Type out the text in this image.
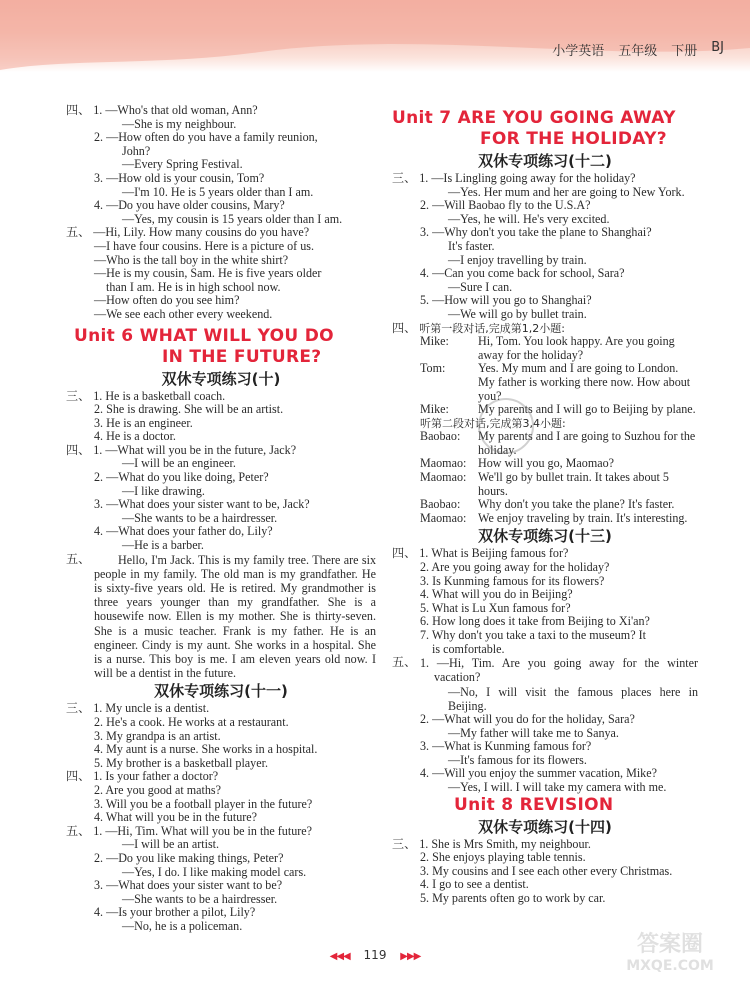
小学英语 五年级 下册 BJ
四、 1. —Who's that old woman, Ann?
—She is my neighbour.
2. —How often do you have a family reunion,
John?
—Every Spring Festival.
3. —How old is your cousin, Tom?
—I'm 10. He is 5 years older than I am.
4. —Do you have older cousins, Mary?
—Yes, my cousin is 15 years older than I am.
五、 —Hi, Lily. How many cousins do you have?
—I have four cousins. Here is a picture of us.
—Who is the tall boy in the white shirt?
—He is my cousin, Sam. He is five years older
than I am. He is in high school now.
—How often do you see him?
—We see each other every weekend.
Unit 6 WHAT WILL YOU DO
IN THE FUTURE?
双休专项练习(十)
三、 1. He is a basketball coach.
2. She is drawing. She will be an artist.
3. He is an engineer.
4. He is a doctor.
四、 1. —What will you be in the future, Jack?
—I will be an engineer.
2. —What do you like doing, Peter?
—I like drawing.
3. —What does your sister want to be, Jack?
—She wants to be a hairdresser.
4. —What does your father do, Lily?
—He is a barber.
五、	Hello, I'm Jack. This is my family tree. There are six people in my family. The old man is my grandfather. He is sixty-five years old. He is retired. My grandmother is three years younger than my grandfather. She is a housewife now. Ellen is my mother. She is thirty-seven. She is a music teacher. Frank is my father. He is an engineer. Cindy is my aunt. She works in a hospital. She is a nurse. This boy is me. I am eleven years old now. I will be a dentist in the future.
双休专项练习(十一)
三、 1. My uncle is a dentist.
2. He's a cook. He works at a restaurant.
3. My grandpa is an artist.
4. My aunt is a nurse. She works in a hospital.
5. My brother is a basketball player.
四、 1. Is your father a doctor?
2. Are you good at maths?
3. Will you be a football player in the future?
4. What will you be in the future?
五、 1. —Hi, Tim. What will you be in the future?
—I will be an artist.
2. —Do you like making things, Peter?
—Yes, I do. I like making model cars.
3. —What does your sister want to be?
—She wants to be a hairdresser.
4. —Is your brother a pilot, Lily?
—No, he is a policeman.
Unit 7 ARE YOU GOING AWAY
FOR THE HOLIDAY?
双休专项练习(十二)
三、 1. —Is Lingling going away for the holiday?
—Yes. Her mum and her are going to New York.
2. —Will Baobao fly to the U.S.A?
—Yes, he will. He's very excited.
3. —Why don't you take the plane to Shanghai?
It's faster.
—I enjoy travelling by train.
4. —Can you come back for school, Sara?
—Sure I can.
5. —How will you go to Shanghai?
—We will go by bullet train.
四、 听第一段对话,完成第1,2小题:
Mike:	Hi, Tom. You look happy. Are you going away for the holiday?
Tom:	Yes. My mum and I are going to London. My father is working there now. How about you?
Mike:	My parents and I will go to Beijing by plane.
听第二段对话,完成第3,4小题:
Baobao:	My parents and I are going to Suzhou for the holiday.
Maomao: How will you go, Maomao?
Maomao: We'll go by bullet train. It takes about 5 hours.
Baobao:	Why don't you take the plane? It's faster.
Maomao: We enjoy traveling by train. It's interesting.
双休专项练习(十三)
四、 1. What is Beijing famous for?
2. Are you going away for the holiday?
3. Is Kunming famous for its flowers?
4. What will you do in Beijing?
5. What is Lu Xun famous for?
6. How long does it take from Beijing to Xi'an?
7. Why don't you take a taxi to the museum? It
is comfortable.
五、 1. —Hi, Tim. Are you going away for the winter vacation?
—No, I will visit the famous places here in Beijing.
2. —What will you do for the holiday, Sara?
—My father will take me to Sanya.
3. —What is Kunming famous for?
—It's famous for its flowers.
4. —Will you enjoy the summer vacation, Mike?
—Yes, I will. I will take my camera with me.
Unit 8 REVISION
双休专项练习(十四)
三、 1. She is Mrs Smith, my neighbour.
2. She enjoys playing table tennis.
3. My cousins and I see each other every Christmas.
4. I go to see a dentist.
5. My parents often go to work by car.
◀◀◀ 119 ▶▶▶	答案圈
MXQE.COM
